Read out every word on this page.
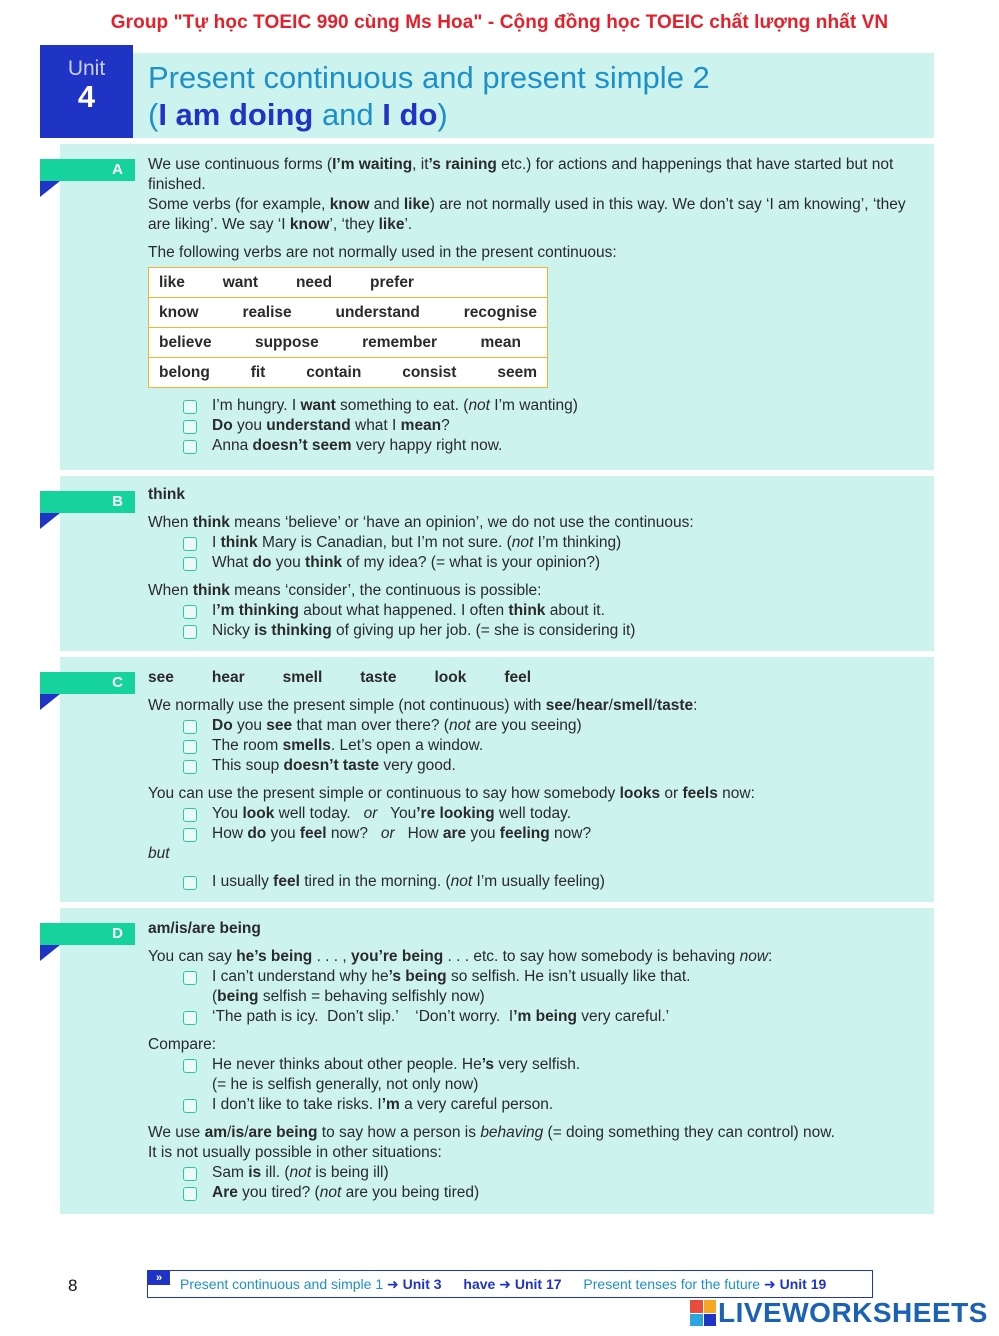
Group "Tự học TOEIC 990 cùng Ms Hoa" - Cộng đồng học TOEIC chất lượng nhất VN
Unit
4
Present continuous and present simple 2
(I am doing and I do)
A	We use continuous forms (I’m waiting, it’s raining etc.) for actions and happenings that have started but not finished.

Some verbs (for example, know and like) are not normally used in this way. We don’t say ‘I am knowing’, ‘they are liking’. We say ‘I know’, ‘they like’.

The following verbs are not normally used in the present continuous:

like want need prefer

know	realise	understand	recognise

believe	suppose	remember	mean

belong	fit	contain	consist	seem

I’m hungry. I want something to eat. (not I’m wanting)

Do you understand what I mean?

Anna doesn’t seem very happy right now.

B	think

When think means ‘believe’ or ‘have an opinion’, we do not use the continuous:

I think Mary is Canadian, but I’m not sure. (not I’m thinking)

What do you think of my idea? (= what is your opinion?)

When think means ‘consider’, the continuous is possible:

I’m thinking about what happened. I often think about it.

Nicky is thinking of giving up her job. (= she is considering it)

C	see hear smell taste look feel

We normally use the present simple (not continuous) with see/hear/smell/taste:

Do you see that man over there? (not are you seeing)

The room smells. Let’s open a window.

This soup doesn’t taste very good.

You can use the present simple or continuous to say how somebody looks or feels now:

You look well today.   or   You’re looking well today.

How do you feel now?   or   How are you feeling now?

but

I usually feel tired in the morning. (not I’m usually feeling)

D	am/is/are being

You can say he’s being . . . , you’re being . . . etc. to say how somebody is behaving now:

I can’t understand why he’s being so selfish. He isn’t usually like that.

(being selfish = behaving selfishly now)

‘The path is icy.  Don’t slip.’    ‘Don’t worry.  I’m being very careful.’

Compare:

He never thinks about other people. He’s very selfish.

(= he is selfish generally, not only now)

I don’t like to take risks. I’m a very careful person.

We use am/is/are being to say how a person is behaving (= doing something they can control) now.

It is not usually possible in other situations:

Sam is ill. (not is being ill)

Are you tired? (not are you being tired)

8	»	Present continuous and simple 1 ➜ Unit 3 have ➜ Unit 17 Present tenses for the future ➜ Unit 19
LIVEWORKSHEETS
